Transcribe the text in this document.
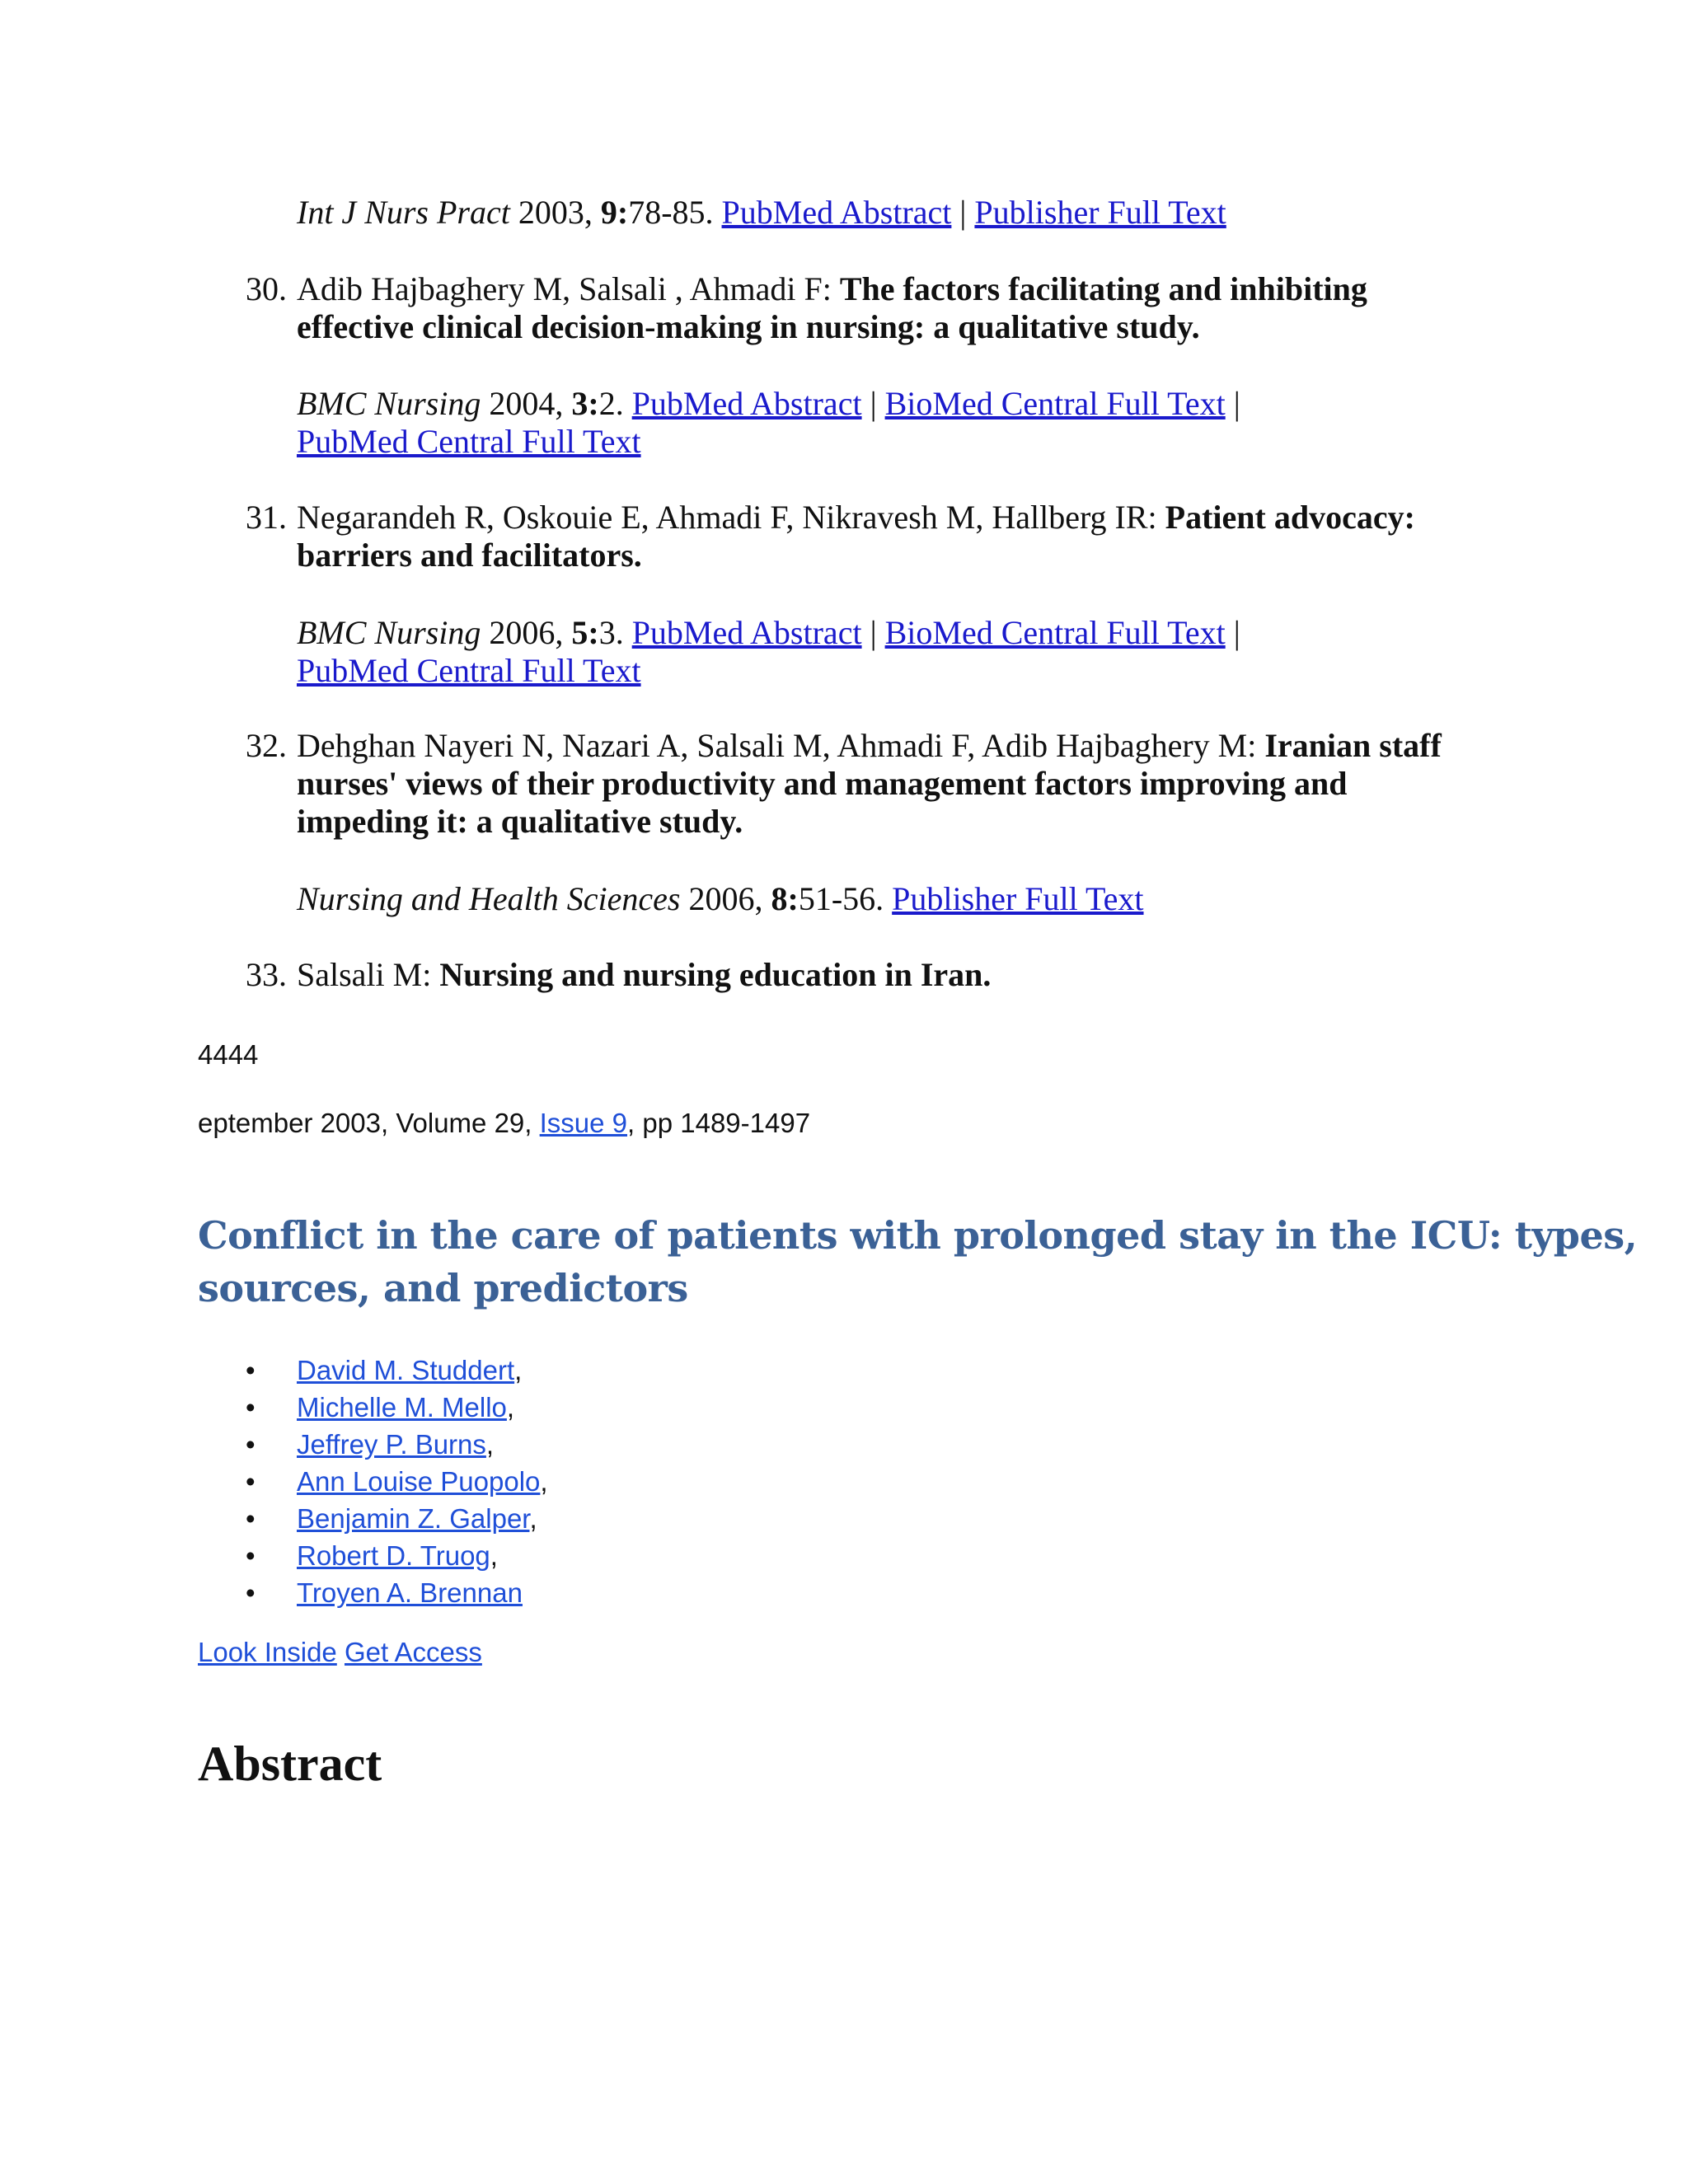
Int J Nurs Pract 2003, 9:78-85. PubMed Abstract | Publisher Full Text
30. Adib Hajbaghery M, Salsali , Ahmadi F: The factors facilitating and inhibiting
effective clinical decision-making in nursing: a qualitative study.
BMC Nursing 2004, 3:2. PubMed Abstract | BioMed Central Full Text |
PubMed Central Full Text
31. Negarandeh R, Oskouie E, Ahmadi F, Nikravesh M, Hallberg IR: Patient advocacy:
barriers and facilitators.
BMC Nursing 2006, 5:3. PubMed Abstract | BioMed Central Full Text |
PubMed Central Full Text
32. Dehghan Nayeri N, Nazari A, Salsali M, Ahmadi F, Adib Hajbaghery M: Iranian staff
nurses' views of their productivity and management factors improving and
impeding it: a qualitative study.
Nursing and Health Sciences 2006, 8:51-56. Publisher Full Text
33. Salsali M: Nursing and nursing education in Iran.
4444
eptember 2003, Volume 29, Issue 9, pp 1489-1497
Conflict in the care of patients with prolonged stay in the ICU: types,
sources, and predictors
• David M. Studdert,
• Michelle M. Mello,
• Jeffrey P. Burns,
• Ann Louise Puopolo,
• Benjamin Z. Galper,
• Robert D. Truog,
• Troyen A. Brennan
Look Inside Get Access
Abstract
